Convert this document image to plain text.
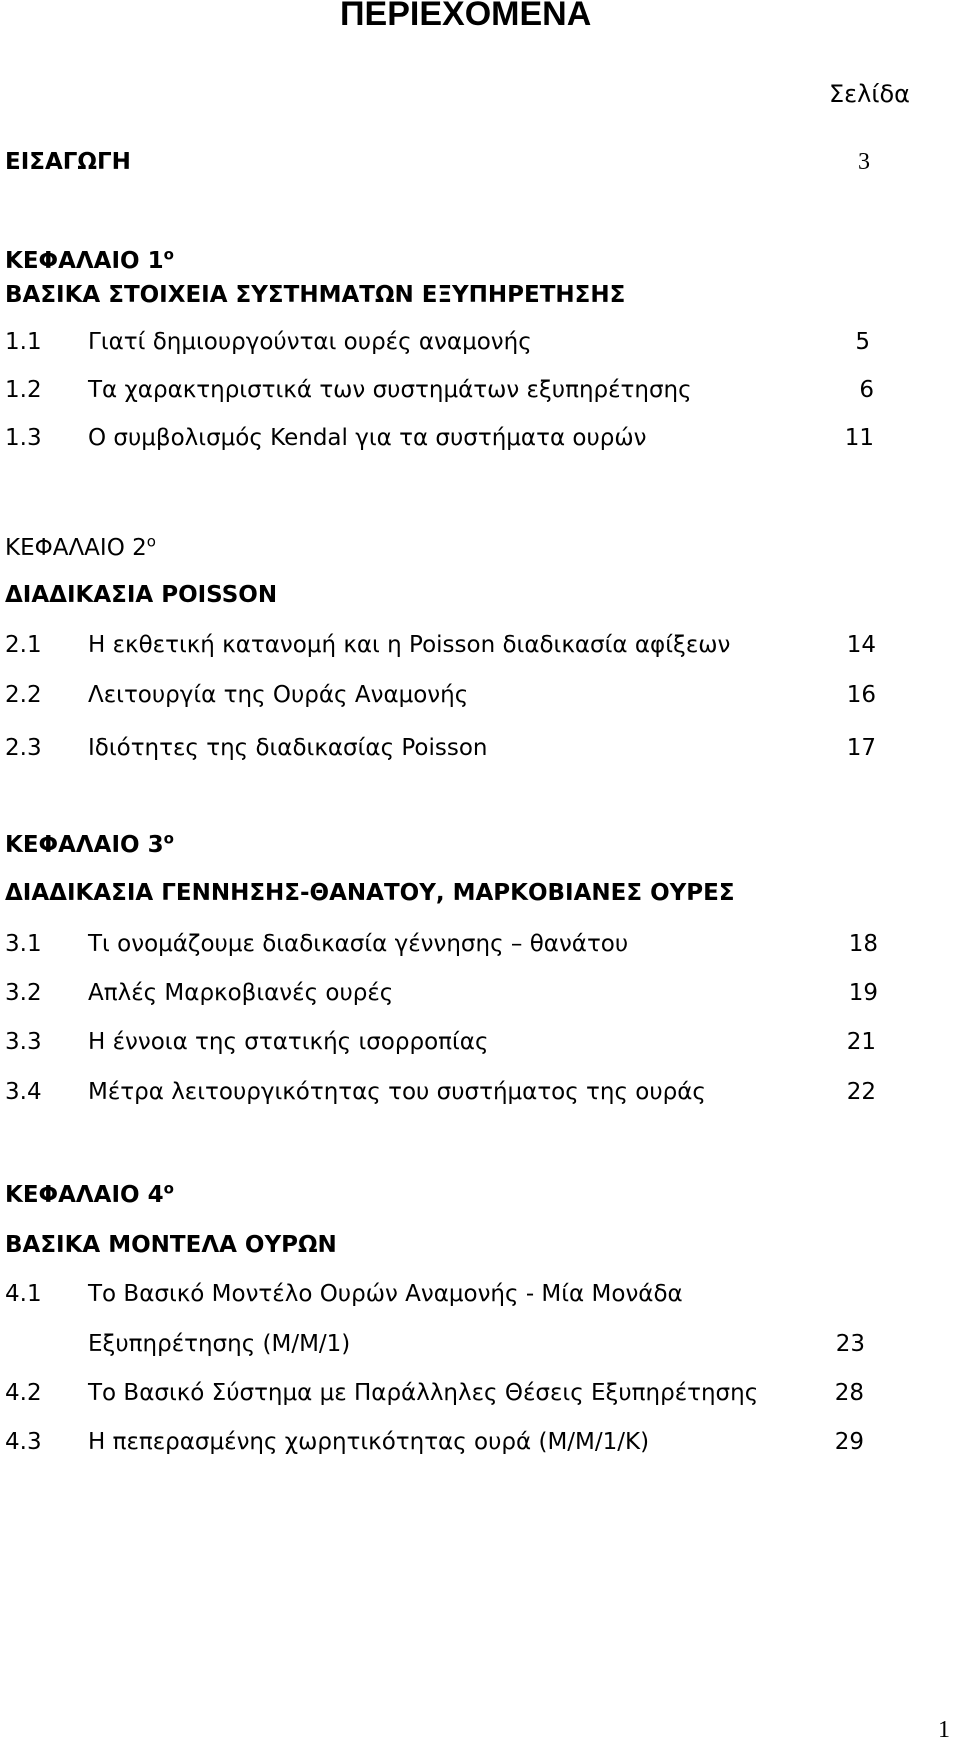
ΠΕΡΙΕΧΟΜΕΝΑ
Σελίδα
ΕΙΣΑΓΩΓΗ	3
ΚΕΦΑΛΑΙΟ $1^o$
ΒΑΣΙΚΑ ΣΤΟΙΧΕΙΑ ΣΥΣΤΗΜΑΤΩΝ ΕΞΥΠΗΡΕΤΗΣΗΣ
1.1 Γιατί δημιουργούνται ουρές αναμονής	5
1.2 Τα χαρακτηριστικά των συστημάτων εξυπηρέτησης	6
1.3 Ο συμβολισμός Kendal για τα συστήματα ουρών	11
ΚΕΦΑΛΑΙΟ $2^o$
ΔΙΑΔΙΚΑΣΙΑ POISSON
2.1 Η εκθετική κατανομή και η Poisson διαδικασία αφίξεων	14
2.2 Λειτουργία της Ουράς Αναμονής	16
2.3 Ιδιότητες της διαδικασίας Poisson	17
ΚΕΦΑΛΑΙΟ $3^o$
ΔΙΑΔΙΚΑΣΙΑ ΓΕΝΝΗΣΗΣ-ΘΑΝΑΤΟΥ, ΜΑΡΚΟΒΙΑΝΕΣ ΟΥΡΕΣ
3.1 Τι ονομάζουμε διαδικασία γέννησης – θανάτου	18
3.2 Απλές Μαρκοβιανές ουρές	19
3.3 Η έννοια της στατικής ισορροπίας	21
3.4 Μέτρα λειτουργικότητας του συστήματος της ουράς	22
ΚΕΦΑΛΑΙΟ $4^o$
ΒΑΣΙΚΑ ΜΟΝΤΕΛΑ ΟΥΡΩΝ
4.1 Το Βασικό Μοντέλο Ουρών Αναμονής - Μία Μονάδα
Εξυπηρέτησης (M/M/1)	23
4.2 Το Βασικό Σύστημα με Παράλληλες Θέσεις Εξυπηρέτησης	28
4.3 Η πεπερασμένης χωρητικότητας ουρά (M/M/1/K)	29
1
